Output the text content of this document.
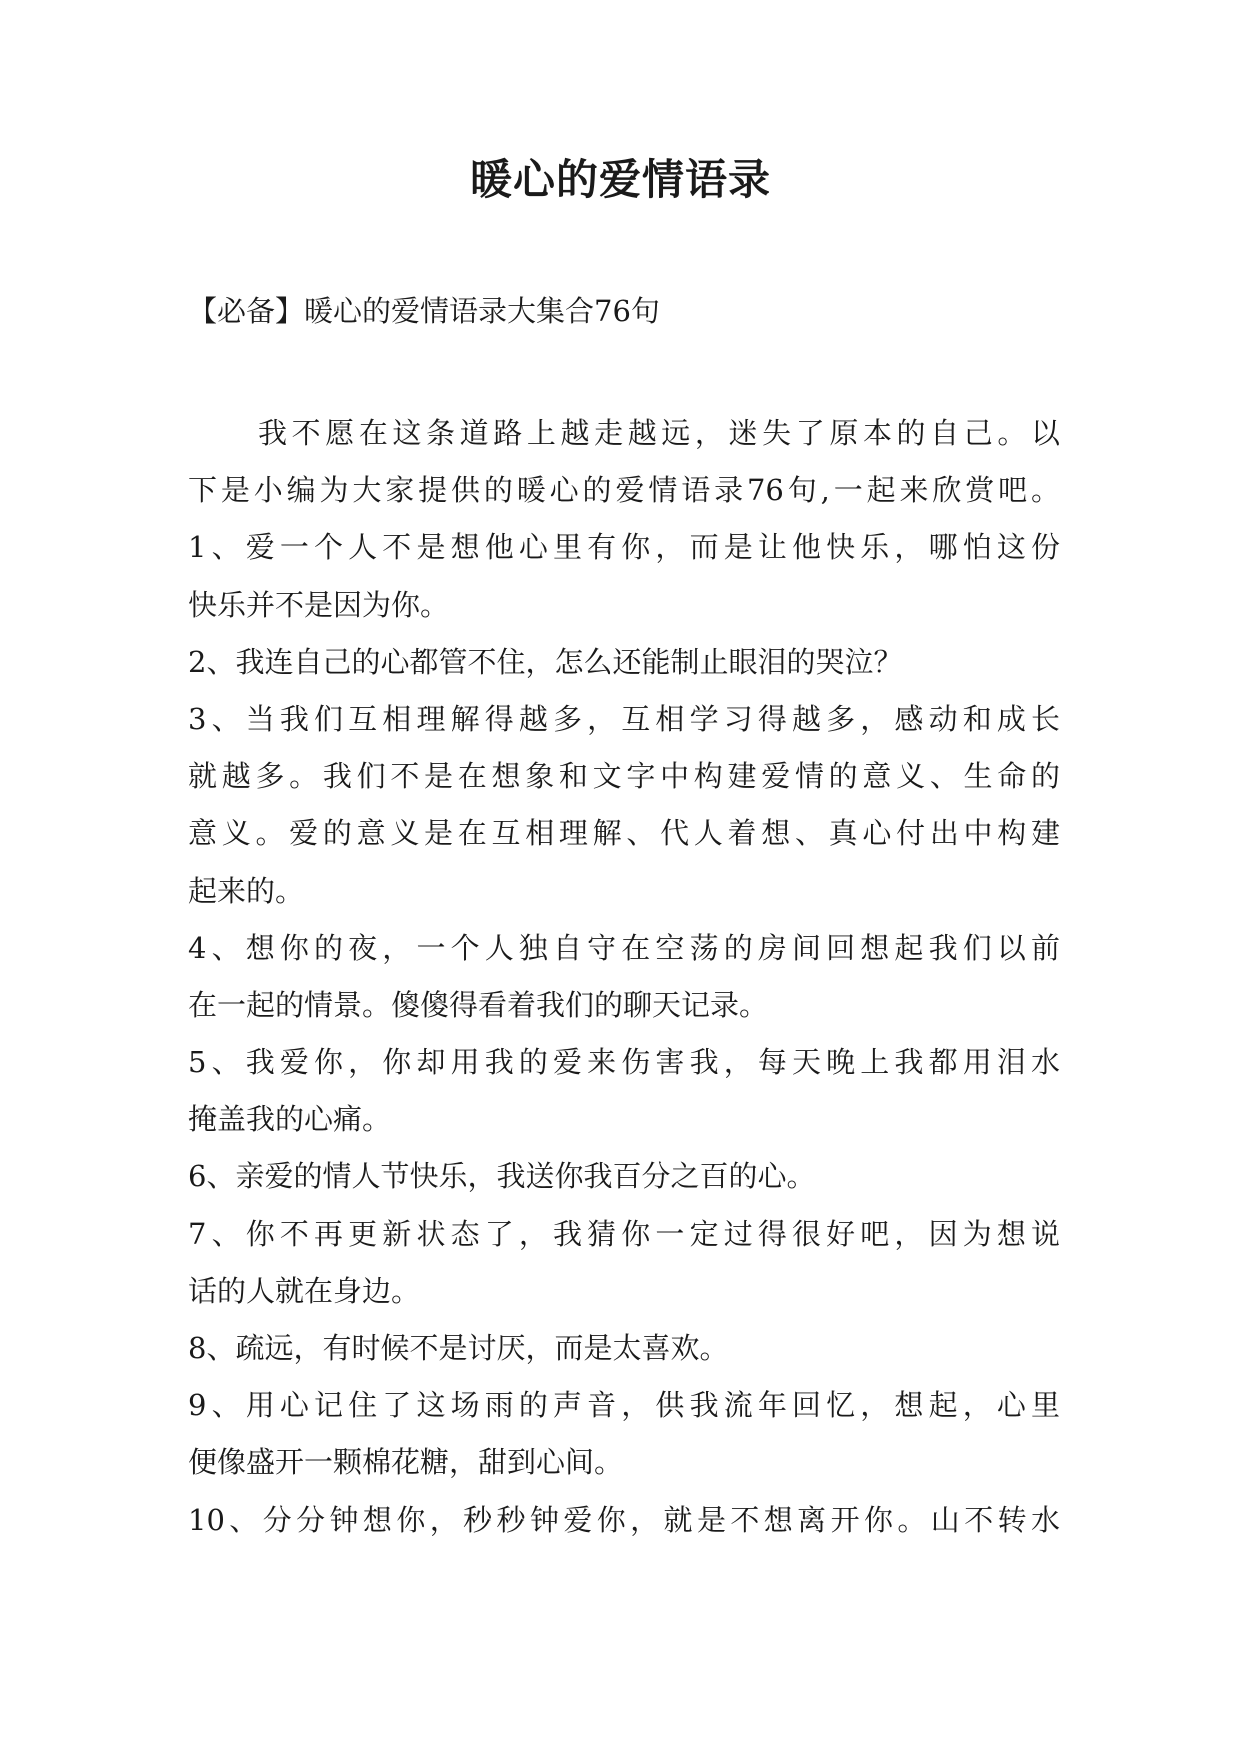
暖心的爱情语录
【必备】暖心的爱情语录大集合76句
我不愿在这条道路上越走越远，迷失了原本的自己。以
下是小编为大家提供的暖心的爱情语录76句,一起来欣赏吧。
1、爱一个人不是想他心里有你，而是让他快乐，哪怕这份
快乐并不是因为你。
2、我连自己的心都管不住，怎么还能制止眼泪的哭泣？
3、当我们互相理解得越多，互相学习得越多，感动和成长
就越多。我们不是在想象和文字中构建爱情的意义、生命的
意义。爱的意义是在互相理解、代人着想、真心付出中构建
起来的。
4、想你的夜，一个人独自守在空荡的房间回想起我们以前
在一起的情景。傻傻得看着我们的聊天记录。
5、我爱你，你却用我的爱来伤害我，每天晚上我都用泪水
掩盖我的心痛。
6、亲爱的情人节快乐，我送你我百分之百的心。
7、你不再更新状态了，我猜你一定过得很好吧，因为想说
话的人就在身边。
8、疏远，有时候不是讨厌，而是太喜欢。
9、用心记住了这场雨的声音，供我流年回忆，想起，心里
便像盛开一颗棉花糖，甜到心间。
10、分分钟想你，秒秒钟爱你，就是不想离开你。山不转水
